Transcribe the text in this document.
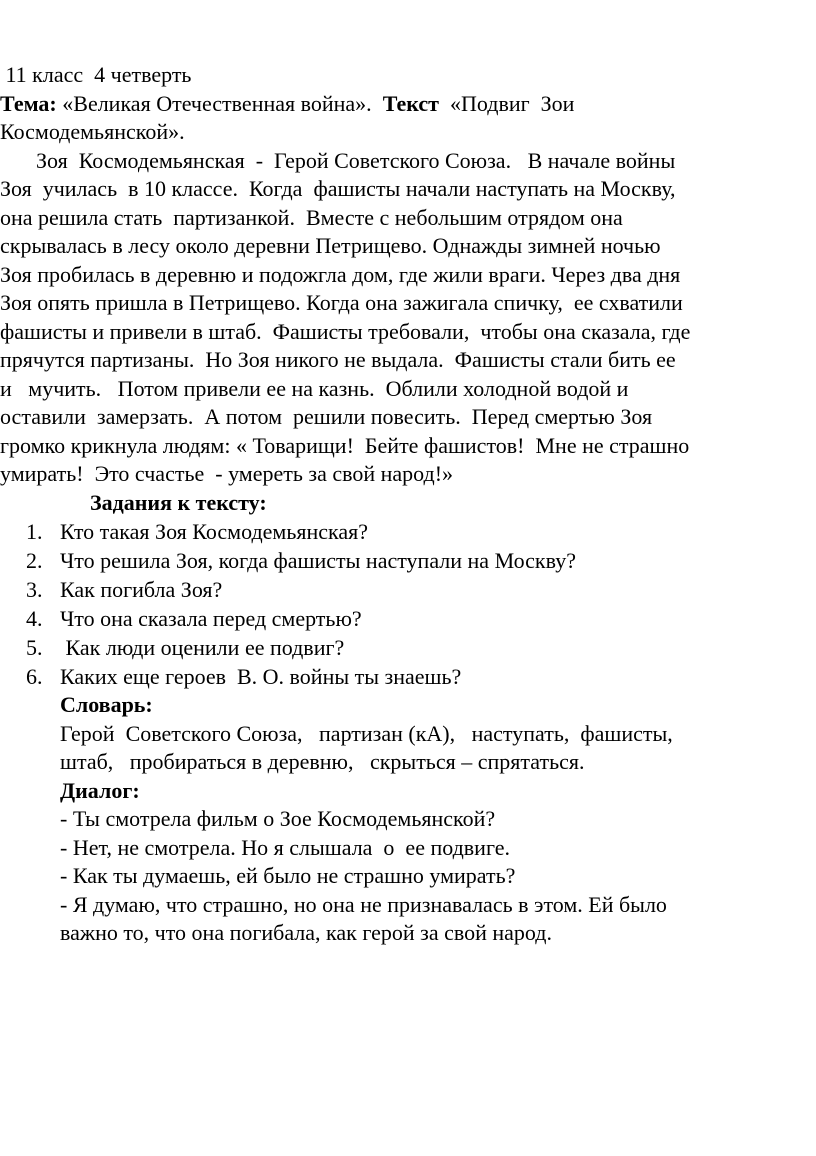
11 класс  4 четверть
Тема: «Великая Отечественная война».  Текст  «Подвиг  Зои
Космодемьянской».
Зоя  Космодемьянская  -  Герой Советского Союза.   В начале войны
Зоя  училась  в 10 классе.  Когда  фашисты начали наступать на Москву,
она решила стать  партизанкой.  Вместе с небольшим отрядом она
скрывалась в лесу около деревни Петрищево. Однажды зимней ночью
Зоя пробилась в деревню и подожгла дом, где жили враги. Через два дня
Зоя опять пришла в Петрищево. Когда она зажигала спичку,  ее схватили
фашисты и привели в штаб.  Фашисты требовали,  чтобы она сказала, где
прячутся партизаны.  Но Зоя никого не выдала.  Фашисты стали бить ее
и   мучить.   Потом привели ее на казнь.  Облили холодной водой и
оставили  замерзать.  А потом  решили повесить.  Перед смертью Зоя
громко крикнула людям: « Товарищи!  Бейте фашистов!  Мне не страшно
умирать!  Это счастье  - умереть за свой народ!»
Задания к тексту:
1. Кто такая Зоя Космодемьянская?
2. Что решила Зоя, когда фашисты наступали на Москву?
3. Как погибла Зоя?
4. Что она сказала перед смертью?
5. Как люди оценили ее подвиг?
6. Каких еще героев  В. О. войны ты знаешь?
Словарь:
Герой  Советского Союза,   партизан (кА),   наступать,  фашисты,
штаб,   пробираться в деревню,   скрыться – спрятаться.
Диалог:
- Ты смотрела фильм о Зое Космодемьянской?
- Нет, не смотрела. Но я слышала  о  ее подвиге.
- Как ты думаешь, ей было не страшно умирать?
- Я думаю, что страшно, но она не признавалась в этом. Ей было
важно то, что она погибала, как герой за свой народ.
